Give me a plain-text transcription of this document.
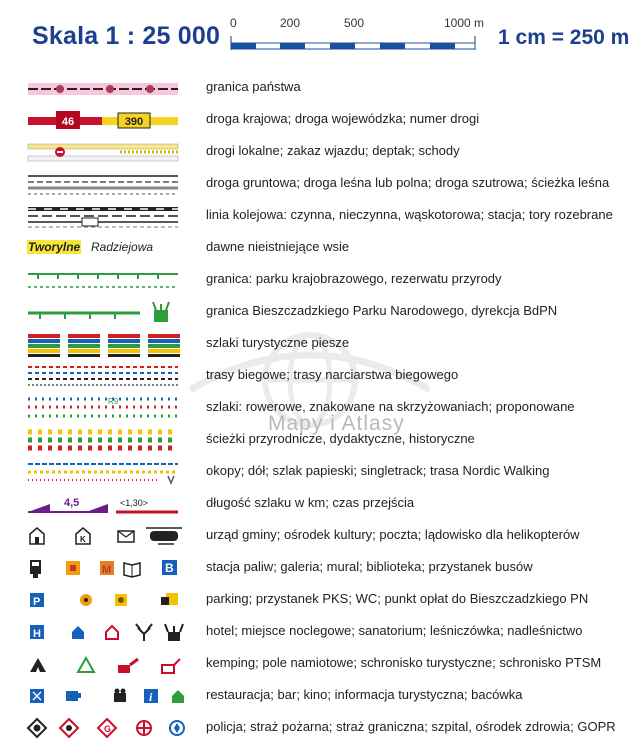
Skala 1 : 25 000 0	200	500	1000 m
1 cm = 250 m
Mapy i Atlasy
granica państwa
46	390	droga krajowa; droga wojewódzka; numer drogi
drogi lokalne; zakaz wjazdu; deptak; schody
droga gruntowa; droga leśna lub polna; droga szutrowa; ścieżka leśna
linia kolejowa: czynna, nieczynna, wąskotorowa; stacja; tory rozebrane
Tworylne Radziejowa	dawne nieistniejące wsie
granica: parku krajobrazowego, rezerwatu przyrody
granica Bieszczadzkiego Parku Narodowego, dyrekcja BdPN
szlaki turystyczne piesze
trasy biegowe; trasy narciarstwa biegowego
R9	szlaki: rowerowe, znakowane na skrzyżowaniach; proponowane
ścieżki przyrodnicze, dydaktyczne, historyczne
okopy; dół; szlak papieski; singletrack; trasa Nordic Walking
4,5	<1,30>	długość szlaku w km; czas przejścia
K	urząd gminy; ośrodek kultury; poczta; lądowisko dla helikopterów
M	B stacja paliw; galeria; mural; biblioteka; przystanek busów
P	parking; przystanek PKS; WC; punkt opłat do Bieszczadzkiego PN
H	hotel; miejsce noclegowe; sanatorium; leśniczówka; nadleśnictwo
kemping; pole namiotowe; schronisko turystyczne; schronisko PTSM
i	restauracja; bar; kino; informacja turystyczna; bacówka
G	policja; straż pożarna; straż graniczna; szpital, ośrodek zdrowia; GOPR
